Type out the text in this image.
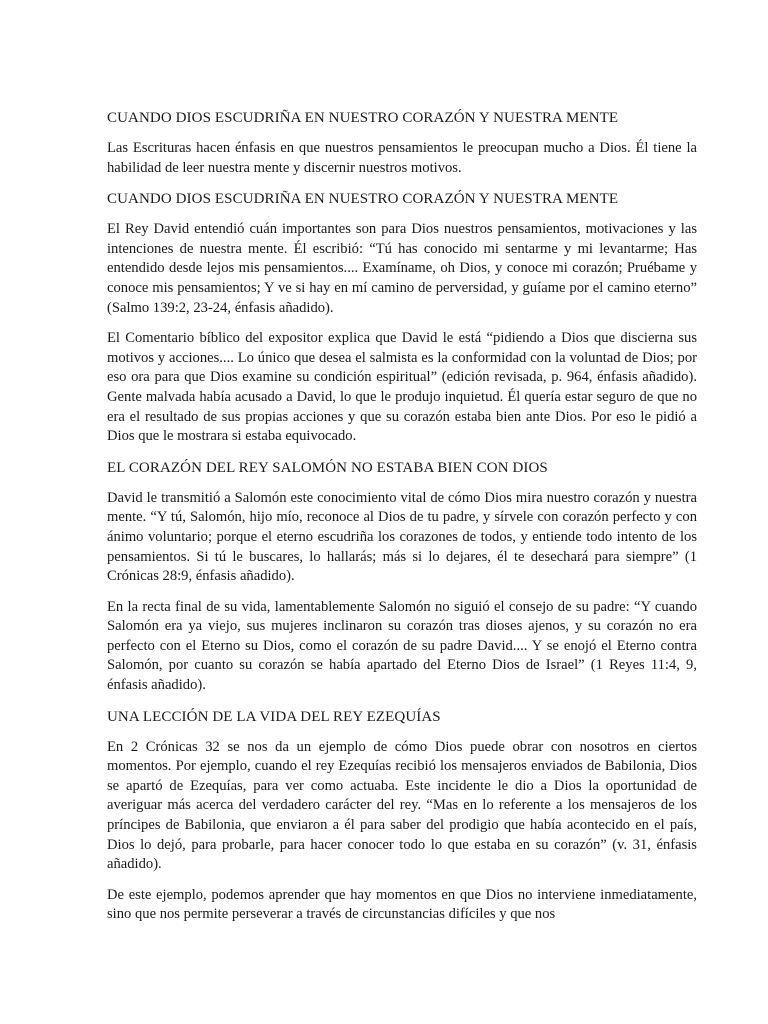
CUANDO DIOS ESCUDRIÑA EN NUESTRO CORAZÓN Y NUESTRA MENTE

Las Escrituras hacen énfasis en que nuestros pensamientos le preocupan mucho a Dios. Él tiene la habilidad de leer nuestra mente y discernir nuestros motivos.

CUANDO DIOS ESCUDRIÑA EN NUESTRO CORAZÓN Y NUESTRA MENTE

El Rey David entendió cuán importantes son para Dios nuestros pensamientos, motivaciones y las intenciones de nuestra mente. Él escribió: “Tú has conocido mi sentarme y mi levantarme; Has entendido desde lejos mis pensamientos.... Examíname, oh Dios, y conoce mi corazón; Pruébame y conoce mis pensamientos; Y ve si hay en mí camino de perversidad, y guíame por el camino eterno” (Salmo 139:2, 23-24, énfasis añadido).

El Comentario bíblico del expositor explica que David le está “pidiendo a Dios que discierna sus motivos y acciones.... Lo único que desea el salmista es la conformidad con la voluntad de Dios; por eso ora para que Dios examine su condición espiritual” (edición revisada, p. 964, énfasis añadido). Gente malvada había acusado a David, lo que le produjo inquietud. Él quería estar seguro de que no era el resultado de sus propias acciones y que su corazón estaba bien ante Dios. Por eso le pidió a Dios que le mostrara si estaba equivocado.

EL CORAZÓN DEL REY SALOMÓN NO ESTABA BIEN CON DIOS

David le transmitió a Salomón este conocimiento vital de cómo Dios mira nuestro corazón y nuestra mente. “Y tú, Salomón, hijo mío, reconoce al Dios de tu padre, y sírvele con corazón perfecto y con ánimo voluntario; porque el eterno escudriña los corazones de todos, y entiende todo intento de los pensamientos. Si tú le buscares, lo hallarás; más si lo dejares, él te desechará para siempre” (1 Crónicas 28:9, énfasis añadido).

En la recta final de su vida, lamentablemente Salomón no siguió el consejo de su padre: “Y cuando Salomón era ya viejo, sus mujeres inclinaron su corazón tras dioses ajenos, y su corazón no era perfecto con el Eterno su Dios, como el corazón de su padre David.... Y se enojó el Eterno contra Salomón, por cuanto su corazón se había apartado del Eterno Dios de Israel” (1 Reyes 11:4, 9, énfasis añadido).

UNA LECCIÓN DE LA VIDA DEL REY EZEQUÍAS

En 2 Crónicas 32 se nos da un ejemplo de cómo Dios puede obrar con nosotros en ciertos momentos. Por ejemplo, cuando el rey Ezequías recibió los mensajeros enviados de Babilonia, Dios se apartó de Ezequías, para ver como actuaba. Este incidente le dio a Dios la oportunidad de averiguar más acerca del verdadero carácter del rey. “Mas en lo referente a los mensajeros de los príncipes de Babilonia, que enviaron a él para saber del prodigio que había acontecido en el país, Dios lo dejó, para probarle, para hacer conocer todo lo que estaba en su corazón” (v. 31, énfasis añadido).

De este ejemplo, podemos aprender que hay momentos en que Dios no interviene inmediatamente, sino que nos permite perseverar a través de circunstancias difíciles y que nos
